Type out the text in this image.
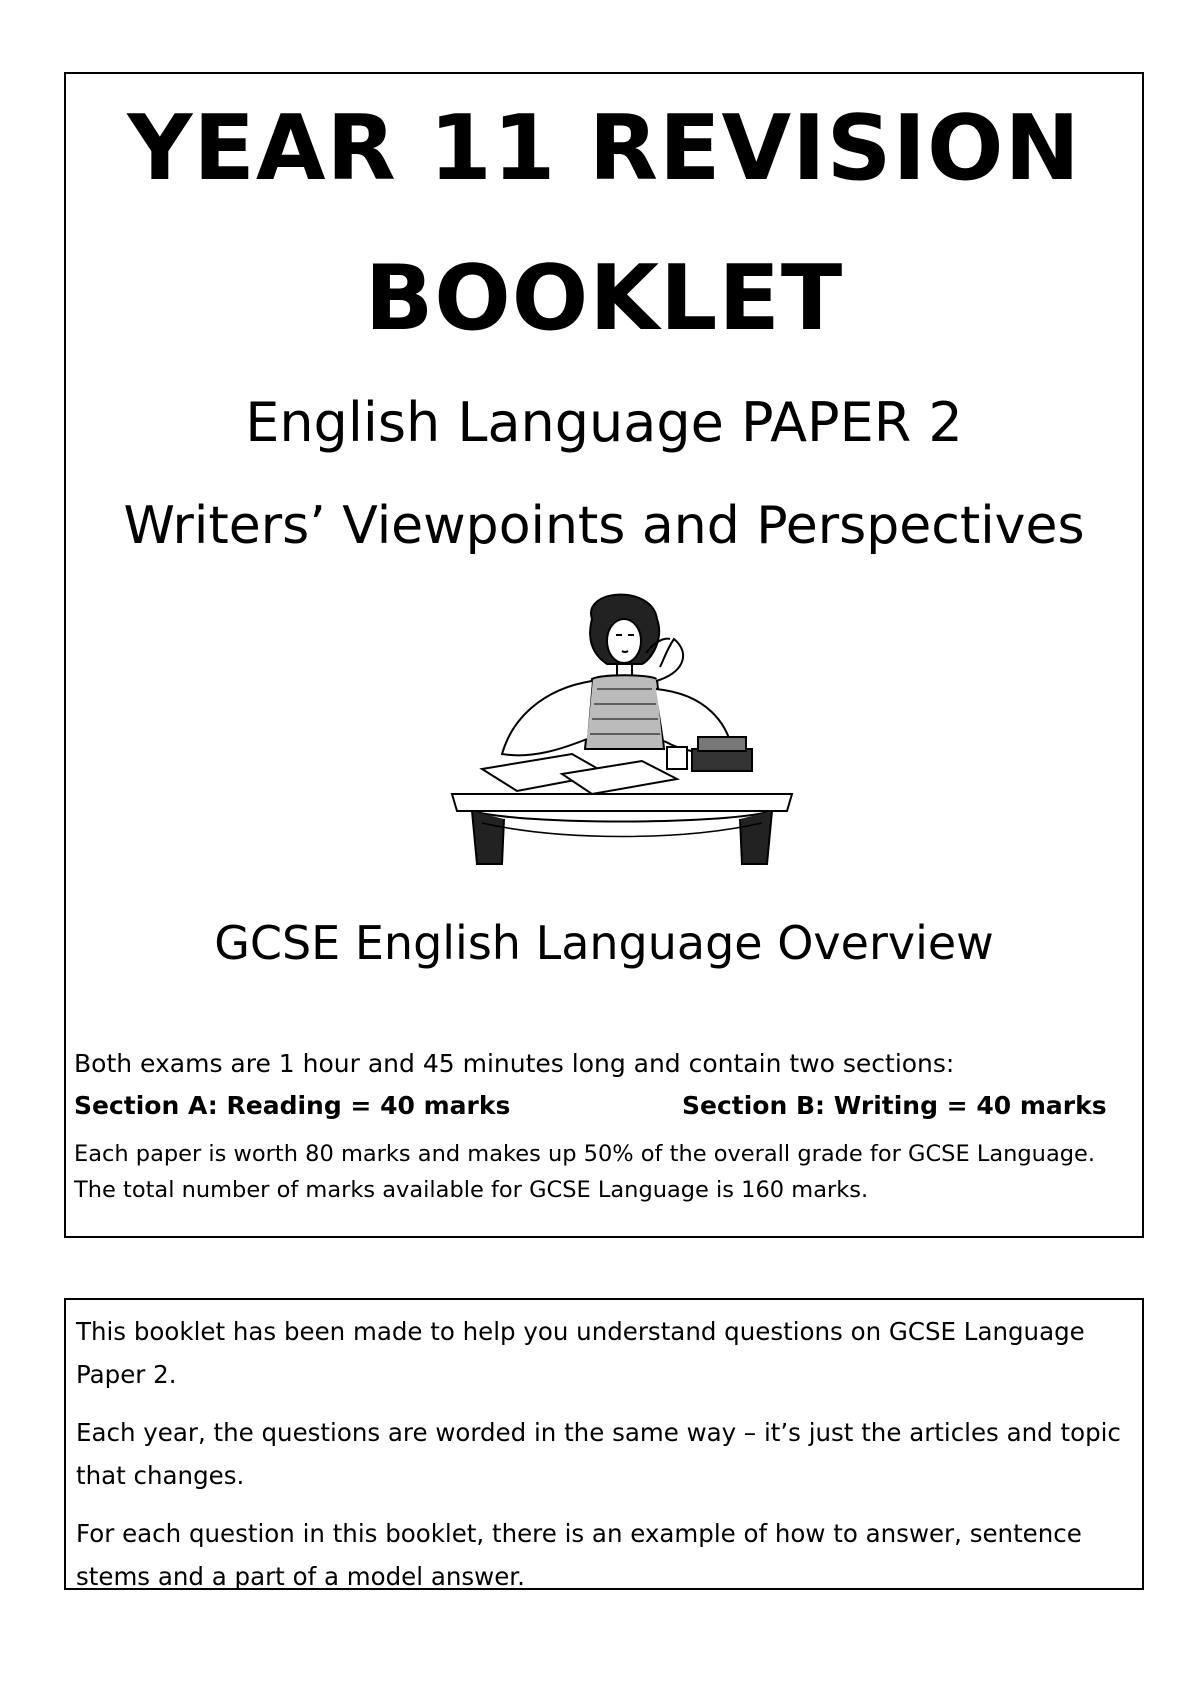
YEAR 11 REVISION
BOOKLET
English Language PAPER 2
Writers’ Viewpoints and Perspectives
GCSE English Language Overview
Both exams are 1 hour and 45 minutes long and contain two sections:
Section A: Reading = 40 marks	Section B: Writing = 40 marks
Each paper is worth 80 marks and makes up 50% of the overall grade for GCSE Language.
The total number of marks available for GCSE Language is 160 marks.

This booklet has been made to help you understand questions on GCSE Language Paper 2.

Each year, the questions are worded in the same way – it’s just the articles and topic that changes.

For each question in this booklet, there is an example of how to answer, sentence stems and a part of a model answer.
